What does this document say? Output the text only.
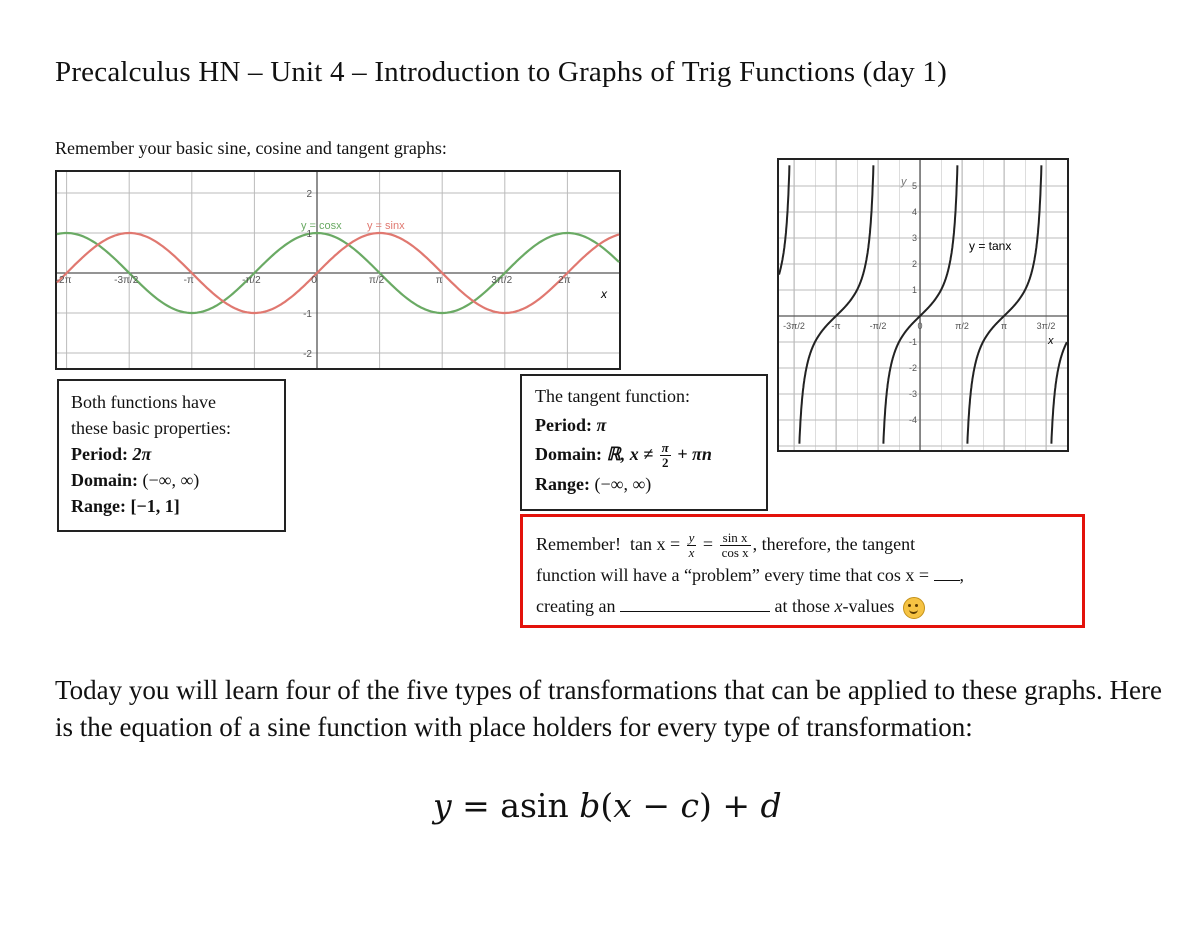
Precalculus HN – Unit 4 – Introduction to Graphs of Trig Functions (day 1)
Remember your basic sine, cosine and tangent graphs:
-2π	-3π/2	-π	-π/2	0	π/2	π	3π/2	2π
2
1
-1
-2
y = cosx y = sinx
x
-3π/2	-π	-π/2	0	π/2	π	3π/2
5
4
3
2
1
-1
-2
-3
-4
y
x
y = tanx
Both functions have
these basic properties:
Period: 2π
Domain: (−∞, ∞)
Range: [−1, 1]
The tangent function:
Period: π
Domain: ℝ, $x \ne \frac{\pi}{2} + \pi n$
Range: (−∞, ∞)
Remember! $\tan x = \frac{y}{x} = \frac{\text{sin x}}{\text{cos x}}$ , therefore, the tangent
function will have a “problem” every time that cos x = ,
creating an	at those x-values
Today you will learn four of the five types of transformations that can be applied to these graphs. Here is the equation of a sine function with place holders for every type of transformation:
y = asin b(x − c) + d
